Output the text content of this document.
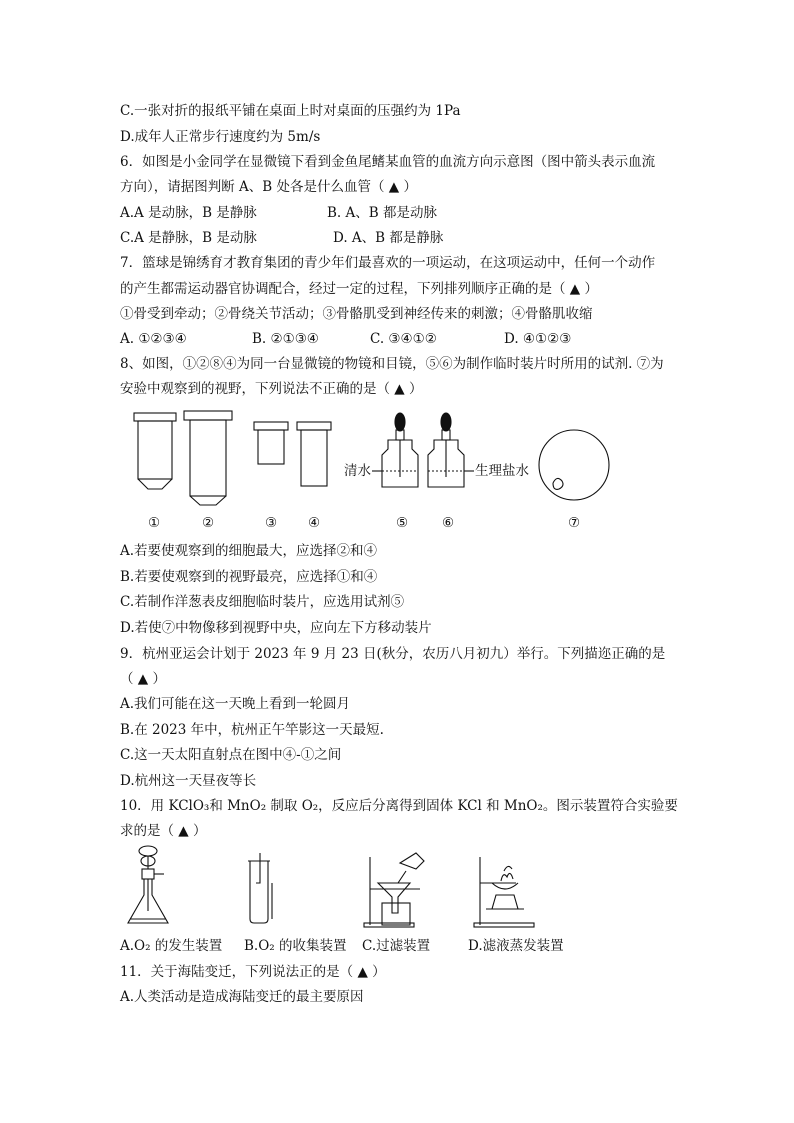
C.一张对折的报纸平铺在桌面上时对桌面的压强约为 1Pa
D.成年人正常步行速度约为 5m/s
6．如图是小金同学在显微镜下看到金鱼尾鳍某血管的血流方向示意图（图中箭头表示血流
方向），请据图判断 A、B 处各是什么血管（ ▲ ）
A.A 是动脉，B 是静脉	B. A、B 都是动脉
C.A 是静脉，B 是动脉	D. A、B 都是静脉
7．篮球是锦绣育才教育集团的青少年们最喜欢的一项运动，在这项运动中，任何一个动作
的产生都需运动器官协调配合，经过一定的过程，下列排列顺序正确的是（ ▲ ）
①骨受到牵动；②骨绕关节活动；③骨骼肌受到神经传来的刺激；④骨骼肌收缩
A. ①②③④	B. ②①③④	C. ③④①②	D. ④①②③
8、如图，①②⑧④为同一台显微镜的物镜和目镜，⑤⑥为制作临时装片时所用的试剂. ⑦为
安验中观察到的视野，下列说法不正确的是（ ▲ ）
清水	生理盐水
①	②	③ ④	⑤	⑥	⑦
A.若要使观察到的细胞最大，应选择②和④
B.若要使观察到的视野最亮，应选择①和④
C.若制作洋葱表皮细胞临时装片，应选用试剂⑤
D.若使⑦中物像移到视野中央，应向左下方移动装片
9．杭州亚运会计划于 2023 年 9 月 23 日(秋分，农历八月初九）举行。下列描迩正确的是
（ ▲ ）
A.我们可能在这一天晚上看到一轮圆月
B.在 2023 年中，杭州正午竿影这一天最短.
C.这一天太阳直射点在图中④-①之间
D.杭州这一天昼夜等长
10．用 KClO₃和 MnO₂ 制取 O₂，反应后分离得到固体 KCl 和 MnO₂。图示装置符合实验要
求的是（ ▲ ）
A.O₂ 的发生装置 B.O₂ 的收集装置 C.过滤装置	D.滤液蒸发装置
11．关于海陆变迁，下列说法正的是（ ▲ ）
A.人类活动是造成海陆变迁的最主要原因
